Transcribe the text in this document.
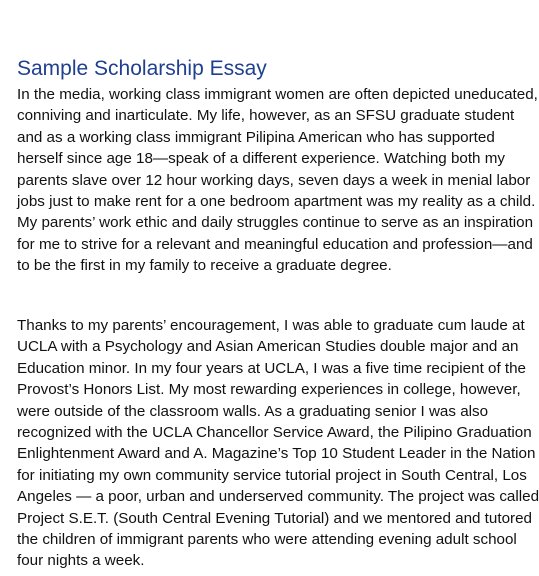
Sample Scholarship Essay
In the media, working class immigrant women are often depicted uneducated,
conniving and inarticulate. My life, however, as an SFSU graduate student
and as a working class immigrant Pilipina American who has supported
herself since age 18—speak of a different experience. Watching both my
parents slave over 12 hour working days, seven days a week in menial labor
jobs just to make rent for a one bedroom apartment was my reality as a child.
My parents’ work ethic and daily struggles continue to serve as an inspiration
for me to strive for a relevant and meaningful education and profession—and
to be the first in my family to receive a graduate degree.
Thanks to my parents’ encouragement, I was able to graduate cum laude at
UCLA with a Psychology and Asian American Studies double major and an
Education minor. In my four years at UCLA, I was a five time recipient of the
Provost’s Honors List. My most rewarding experiences in college, however,
were outside of the classroom walls. As a graduating senior I was also
recognized with the UCLA Chancellor Service Award, the Pilipino Graduation
Enlightenment Award and A. Magazine’s Top 10 Student Leader in the Nation
for initiating my own community service tutorial project in South Central, Los
Angeles — a poor, urban and underserved community. The project was called
Project S.E.T. (South Central Evening Tutorial) and we mentored and tutored
the children of immigrant parents who were attending evening adult school
four nights a week.
